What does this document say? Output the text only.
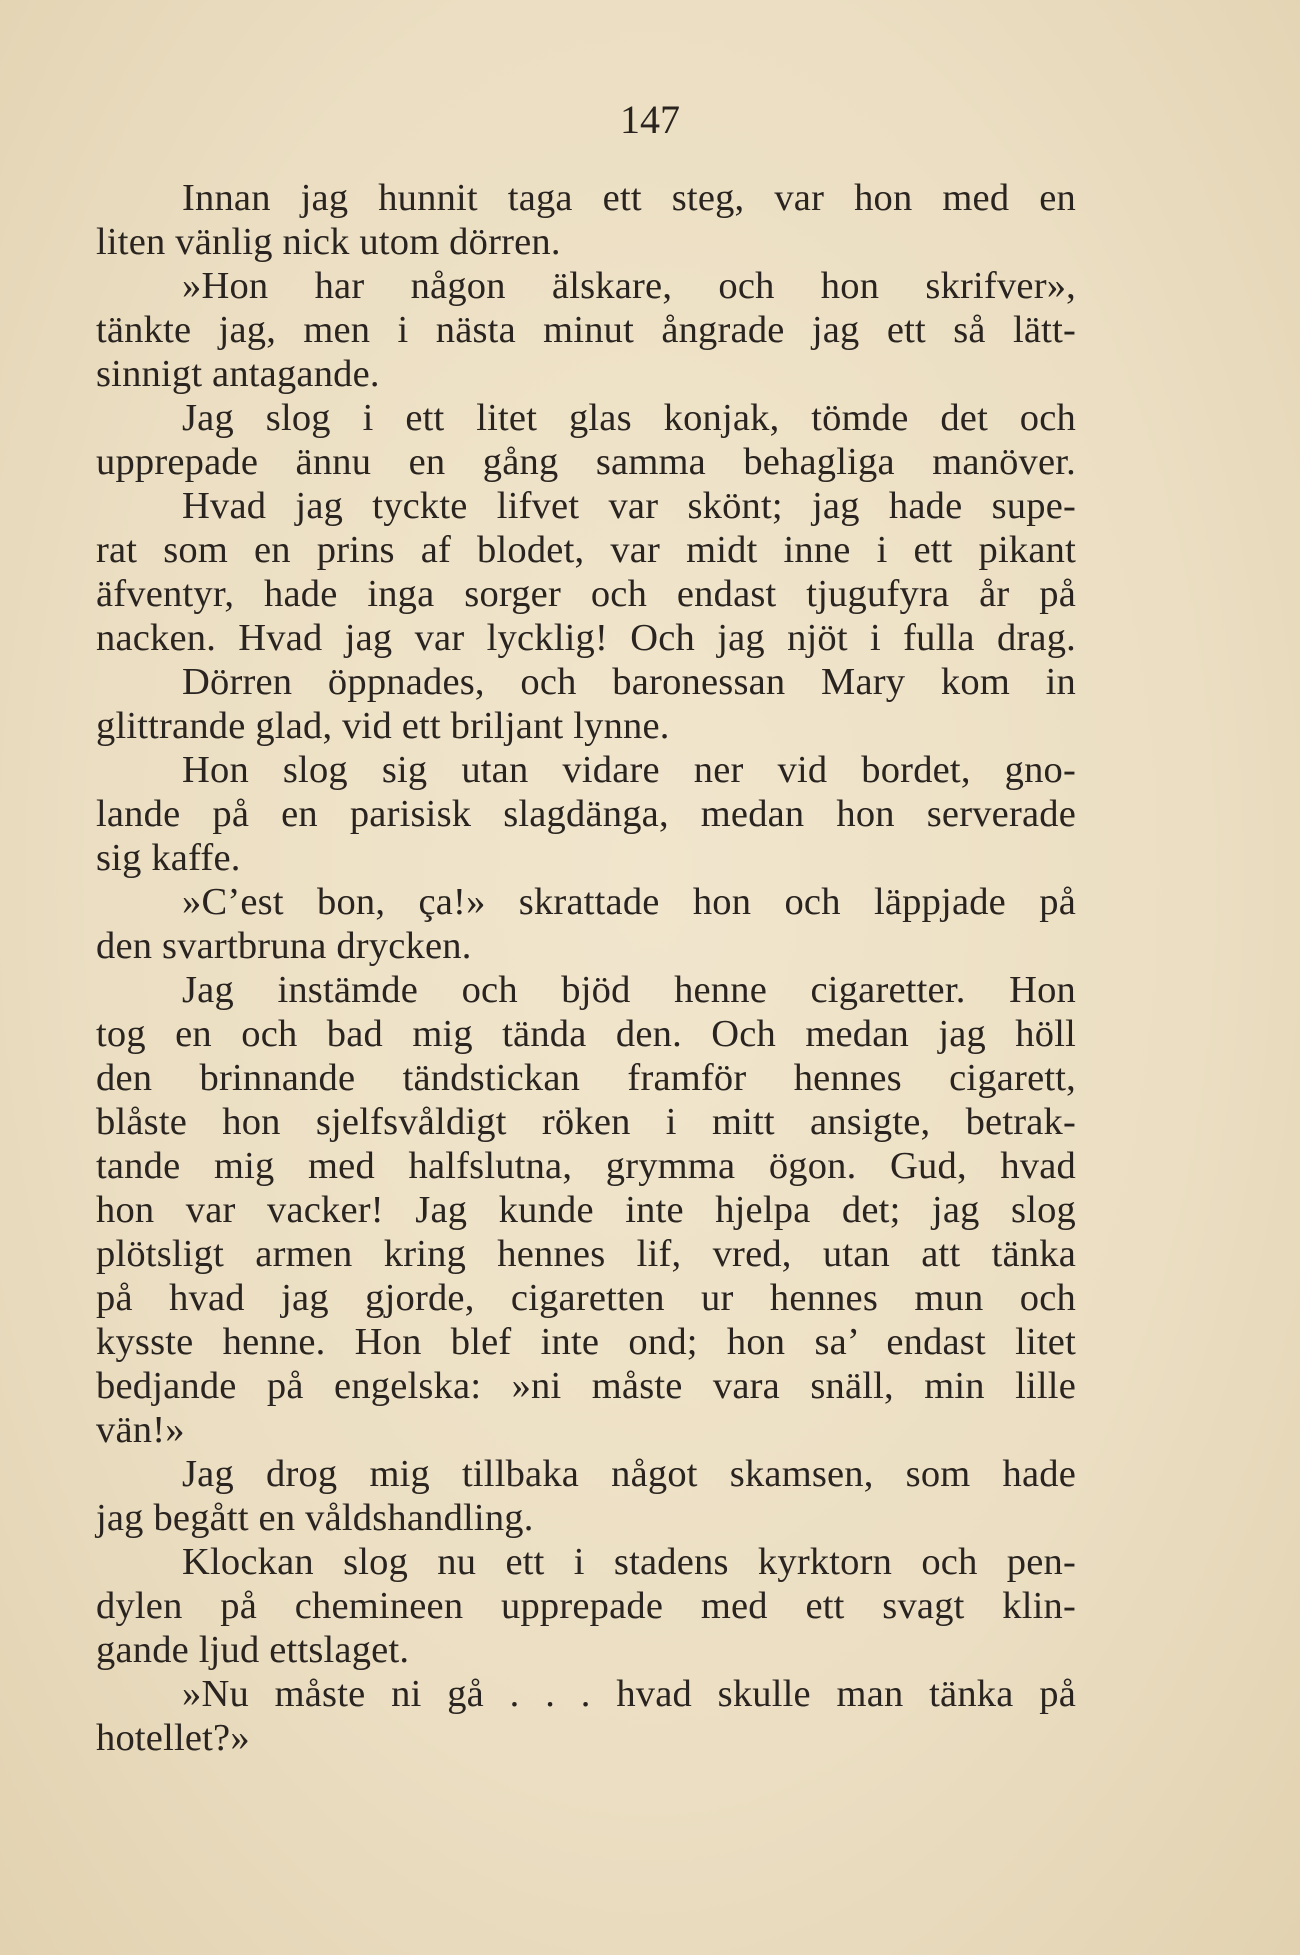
147
Innan jag hunnit taga ett steg, var hon med en
liten vänlig nick utom dörren.
»Hon har någon älskare, och hon skrifver»,
tänkte jag, men i nästa minut ångrade jag ett så lätt-
sinnigt antagande.
Jag slog i ett litet glas konjak, tömde det och
upprepade ännu en gång samma behagliga manöver.
Hvad jag tyckte lifvet var skönt; jag hade supe-
rat som en prins af blodet, var midt inne i ett pikant
äfventyr, hade inga sorger och endast tjugufyra år på
nacken. Hvad jag var lycklig! Och jag njöt i fulla drag.
Dörren öppnades, och baronessan Mary kom in
glittrande glad, vid ett briljant lynne.
Hon slog sig utan vidare ner vid bordet, gno-
lande på en parisisk slagdänga, medan hon serverade
sig kaffe.
»C’est bon, ça!» skrattade hon och läppjade på
den svartbruna drycken.
Jag instämde och bjöd henne cigaretter. Hon
tog en och bad mig tända den. Och medan jag höll
den brinnande tändstickan framför hennes cigarett,
blåste hon sjelfsvåldigt röken i mitt ansigte, betrak-
tande mig med halfslutna, grymma ögon. Gud, hvad
hon var vacker! Jag kunde inte hjelpa det; jag slog
plötsligt armen kring hennes lif, vred, utan att tänka
på hvad jag gjorde, cigaretten ur hennes mun och
kysste henne. Hon blef inte ond; hon sa’ endast litet
bedjande på engelska: »ni måste vara snäll, min lille
vän!»
Jag drog mig tillbaka något skamsen, som hade
jag begått en våldshandling.
Klockan slog nu ett i stadens kyrktorn och pen-
dylen på chemineen upprepade med ett svagt klin-
gande ljud ettslaget.
»Nu måste ni gå . . . hvad skulle man tänka på
hotellet?»
